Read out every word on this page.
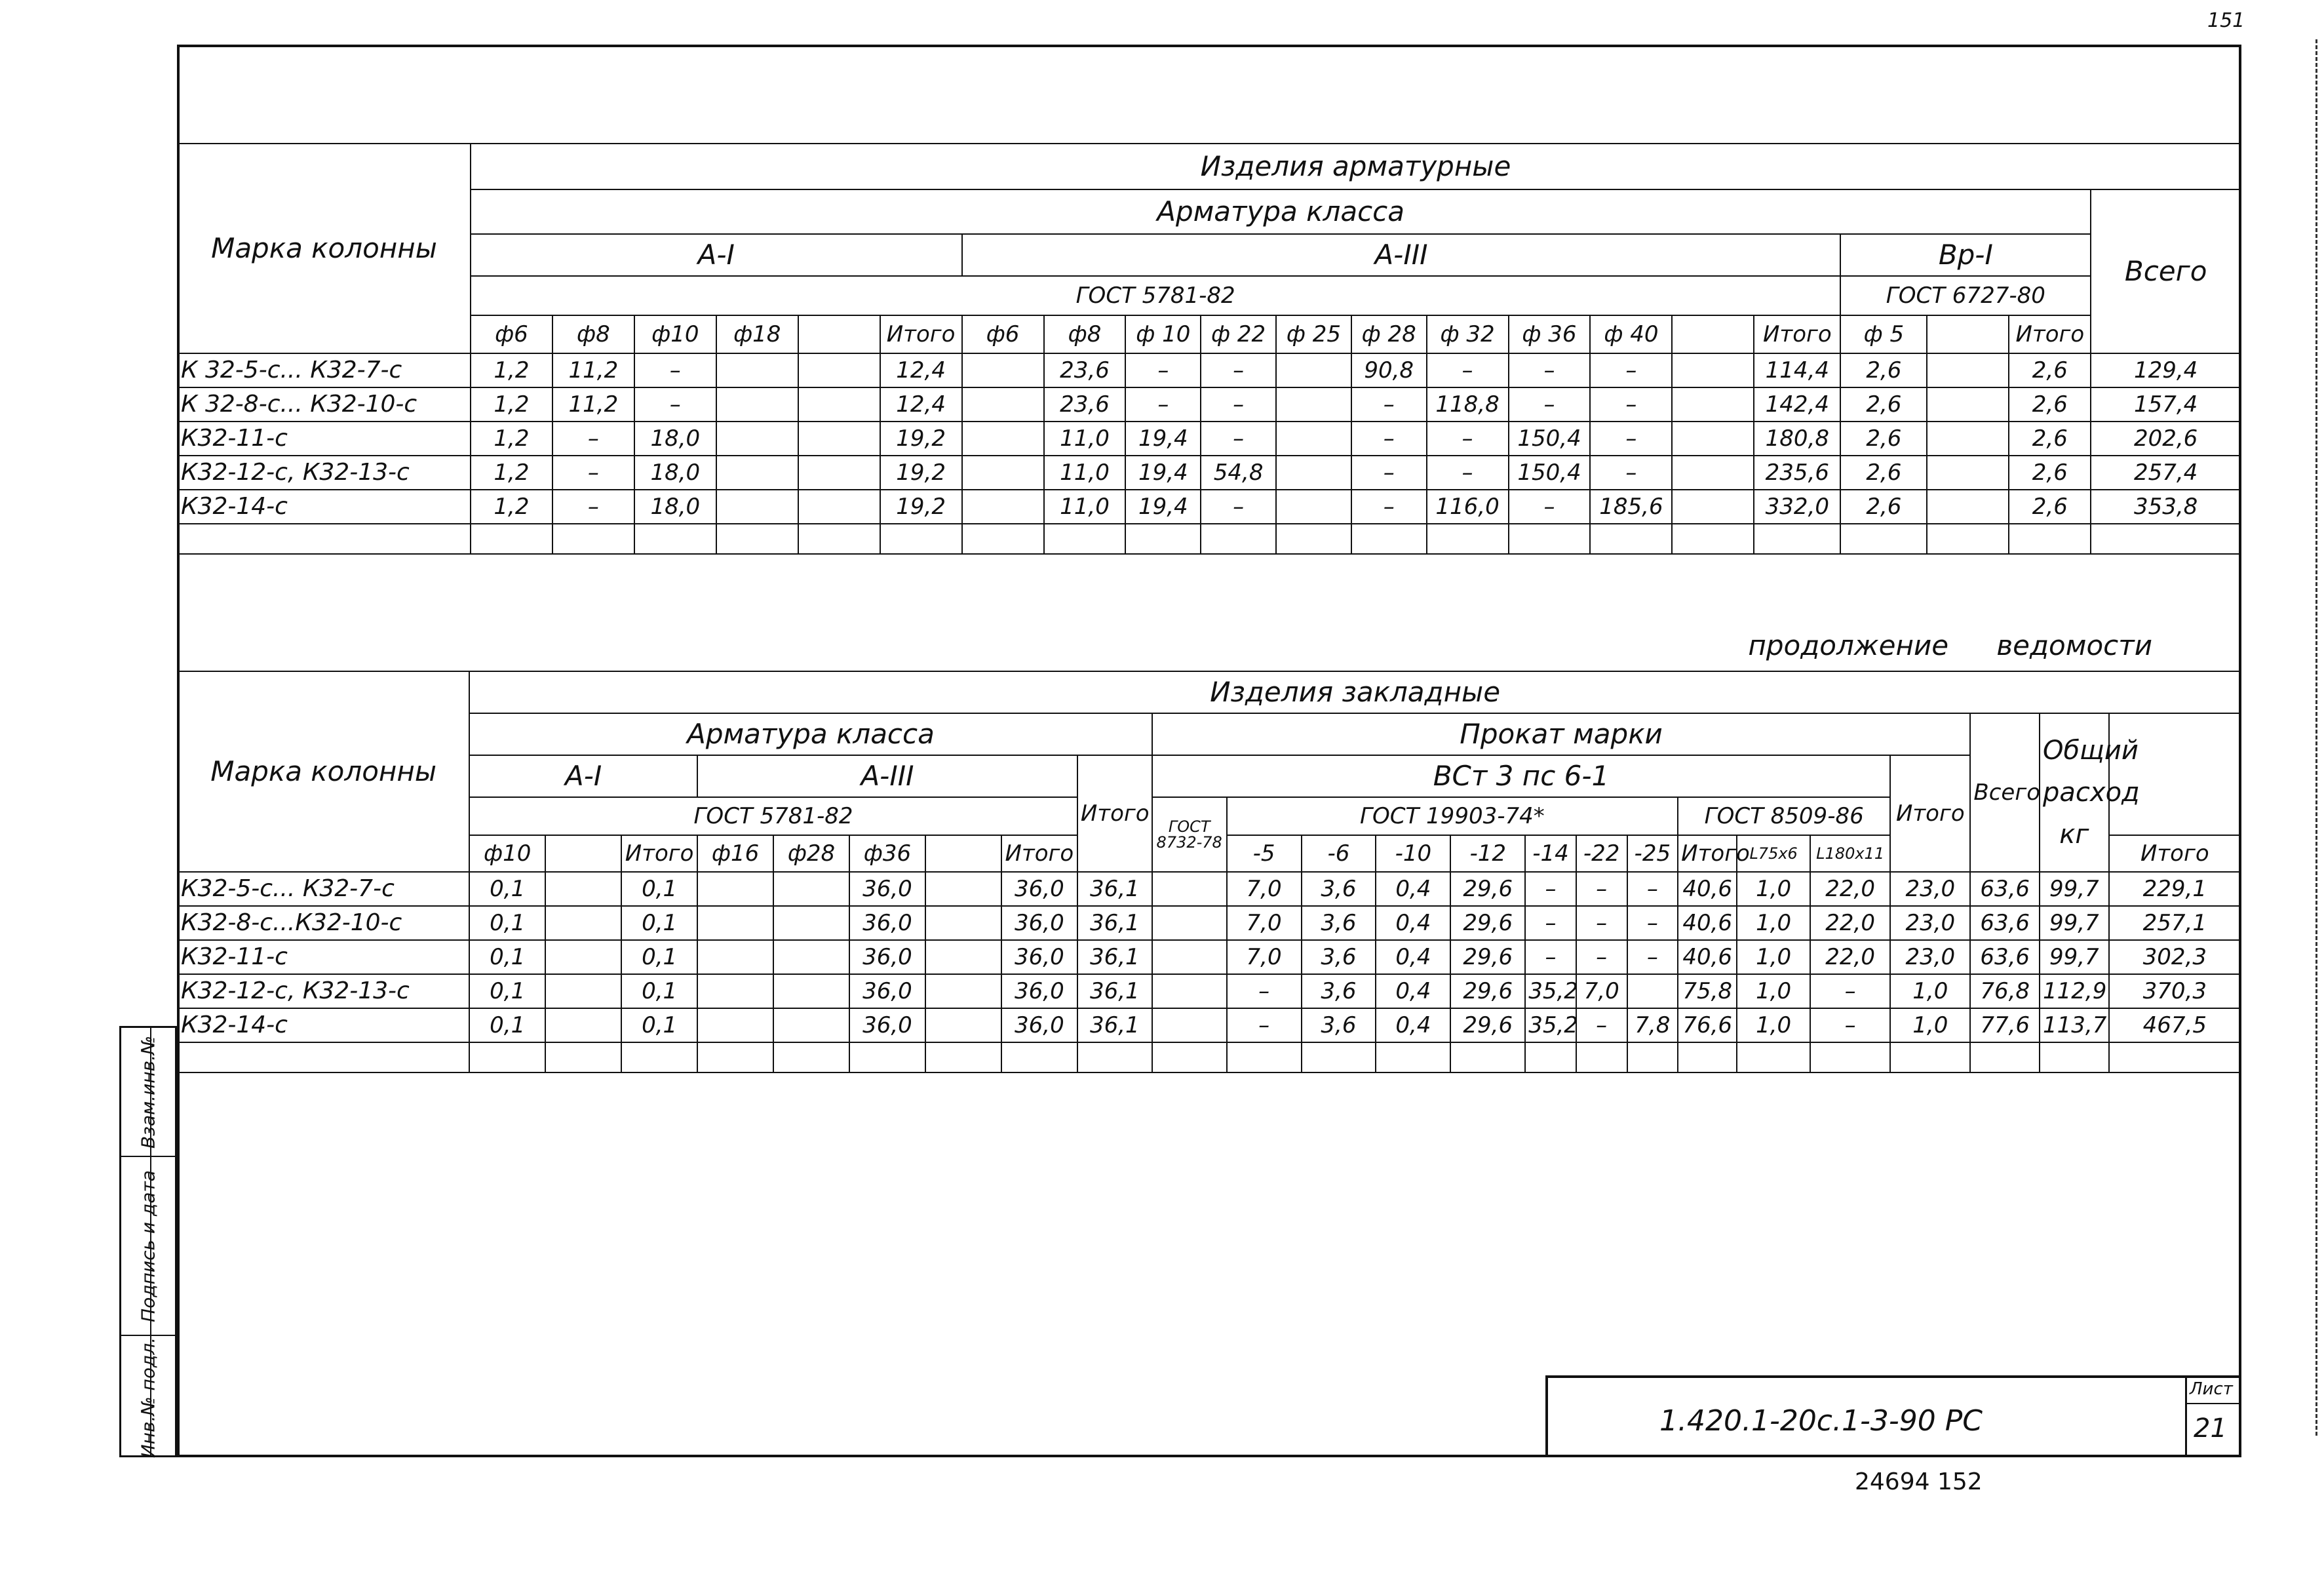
151
Марка колонны	Изделия арматурные																				
	Арматура класса																				Всего
	А-I						А-III											Вр-I			
	ГОСТ 5781-82																	ГОСТ 6727-80			
	ф6	ф8	ф10	ф18		Итого	ф6	ф8	ф 10	ф 22	ф 25	ф 28	ф 32	ф 36	ф 40		Итого	ф 5		Итого	
К 32-5-с... К32-7-с	1,2	11,2	–			12,4		23,6	–	–		90,8	–	–	–		114,4	2,6		2,6	129,4
К 32-8-с... К32-10-с	1,2	11,2	–			12,4		23,6	–	–		–	118,8	–	–		142,4	2,6		2,6	157,4
К32-11-с	1,2	–	18,0			19,2		11,0	19,4	–		–	–	150,4	–		180,8	2,6		2,6	202,6
К32-12-с, К32-13-с	1,2	–	18,0			19,2		11,0	19,4	54,8		–	–	150,4	–		235,6	2,6		2,6	257,4
К32-14-с	1,2	–	18,0			19,2		11,0	19,4	–		–	116,0	–	185,6		332,0	2,6		2,6	353,8

продолжение ведомости
Марка колонны	Изделия закладные																							
	Арматура класса									Прокат марки												Всего	Общий расход кг	
	А-I			А-III					Итого	ВСт 3 пс 6-1											Итого			
	ГОСТ 5781-82									ГОСТ 8732-78	ГОСТ 19903-74*							ГОСТ 8509-86						
	ф10		Итого	ф16	ф28	ф36		Итого			-5	-6	-10	-12	-14	-22	-25	Итого	L75х6	L180х11				Итого
К32-5-с... К32-7-с	0,1		0,1			36,0		36,0	36,1		7,0	3,6	0,4	29,6	–	–	–	40,6	1,0	22,0	23,0	63,6	99,7	229,1
К32-8-с...К32-10-с	0,1		0,1			36,0		36,0	36,1		7,0	3,6	0,4	29,6	–	–	–	40,6	1,0	22,0	23,0	63,6	99,7	257,1
К32-11-с	0,1		0,1			36,0		36,0	36,1		7,0	3,6	0,4	29,6	–	–	–	40,6	1,0	22,0	23,0	63,6	99,7	302,3
К32-12-с, К32-13-с	0,1		0,1			36,0		36,0	36,1		–	3,6	0,4	29,6	35,2	7,0		75,8	1,0	–	1,0	76,8	112,9	370,3
К32-14-с	0,1		0,1			36,0		36,0	36,1		–	3,6	0,4	29,6	35,2	–	7,8	76,6	1,0	–	1,0	77,6	113,7	467,5

Инв.№ подл.
Подпись и дата
Взам.инв.№
1.420.1-20с.1-3-90 РС
Лист
21
24694 152
